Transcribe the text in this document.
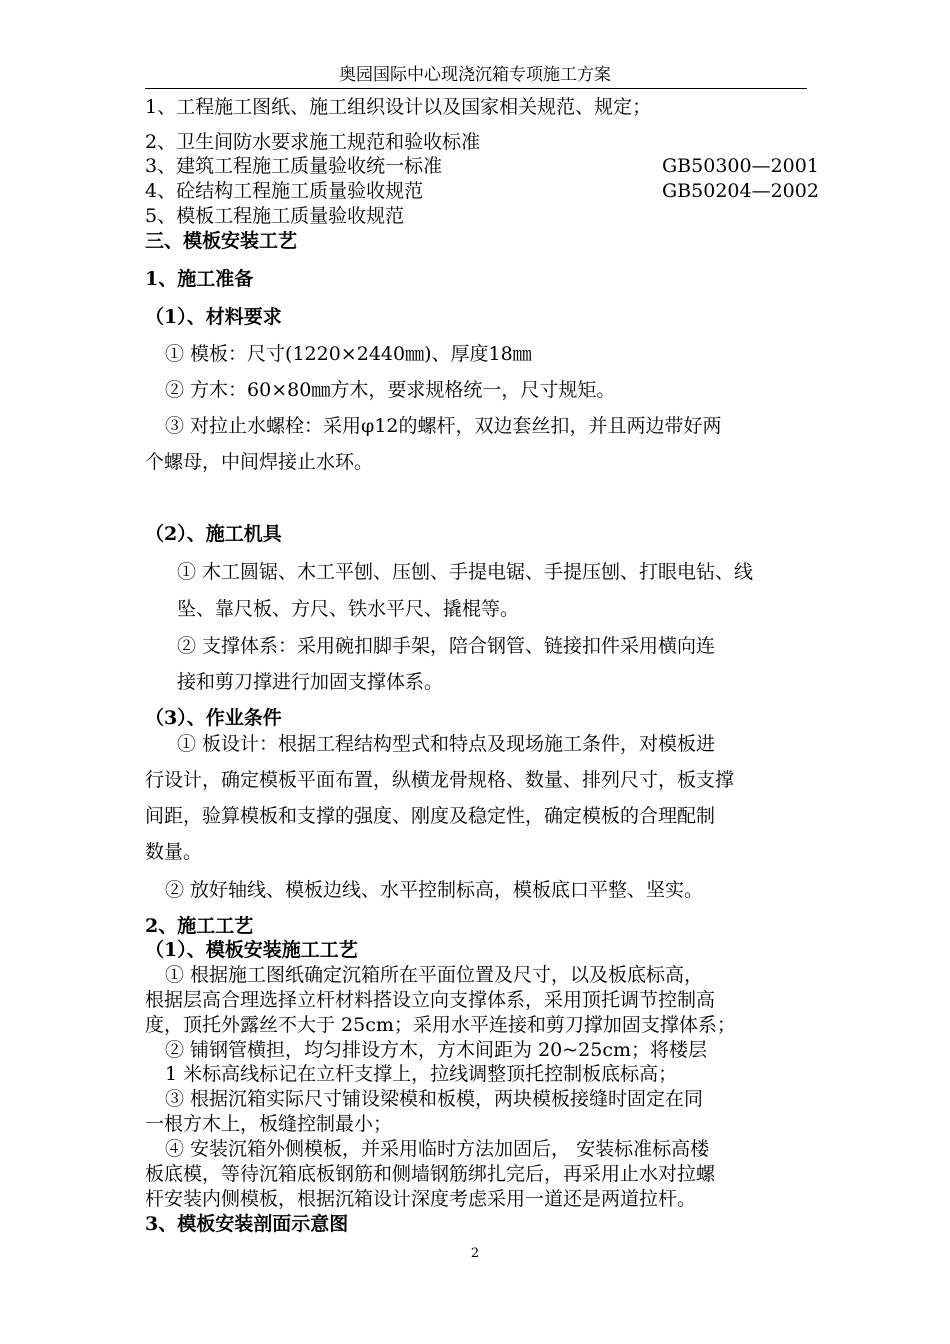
奥园国际中心现浇沉箱专项施工方案
1、工程施工图纸、施工组织设计以及国家相关规范、规定；
2、卫生间防水要求施工规范和验收标准
3、建筑工程施工质量验收统一标准	GB50300—2001
4、砼结构工程施工质量验收规范	GB50204—2002
5、模板工程施工质量验收规范
三、模板安装工艺
1、施工准备
（1）、材料要求
① 模板：尺寸(1220×2440㎜)、厚度18㎜
② 方木：60×80㎜方木，要求规格统一，尺寸规矩。
③ 对拉止水螺栓：采用φ12的螺杆，双边套丝扣，并且两边带好两
个螺母，中间焊接止水环。
（2）、施工机具
① 木工圆锯、木工平刨、压刨、手提电锯、手提压刨、打眼电钻、线
坠、靠尺板、方尺、铁水平尺、撬棍等。
② 支撑体系：采用碗扣脚手架，陪合钢管、链接扣件采用横向连
接和剪刀撑进行加固支撑体系。
（3）、作业条件
① 板设计：根据工程结构型式和特点及现场施工条件，对模板进
行设计，确定模板平面布置，纵横龙骨规格、数量、排列尺寸，板支撑
间距，验算模板和支撑的强度、刚度及稳定性，确定模板的合理配制
数量。
② 放好轴线、模板边线、水平控制标高，模板底口平整、坚实。
2、施工工艺
（1）、模板安装施工工艺
① 根据施工图纸确定沉箱所在平面位置及尺寸，以及板底标高，
根据层高合理选择立杆材料搭设立向支撑体系，采用顶托调节控制高
度，顶托外露丝不大于 25cm；采用水平连接和剪刀撑加固支撑体系；
② 铺钢管横担，均匀排设方木，方木间距为 20~25cm；将楼层
1 米标高线标记在立杆支撑上，拉线调整顶托控制板底标高；
③ 根据沉箱实际尺寸铺设梁模和板模，两块模板接缝时固定在同
一根方木上，板缝控制最小；
④ 安装沉箱外侧模板，并采用临时方法加固后， 安装标准标高楼
板底模，等待沉箱底板钢筋和侧墙钢筋绑扎完后，再采用止水对拉螺
杆安装内侧模板，根据沉箱设计深度考虑采用一道还是两道拉杆。
3、模板安装剖面示意图
2
